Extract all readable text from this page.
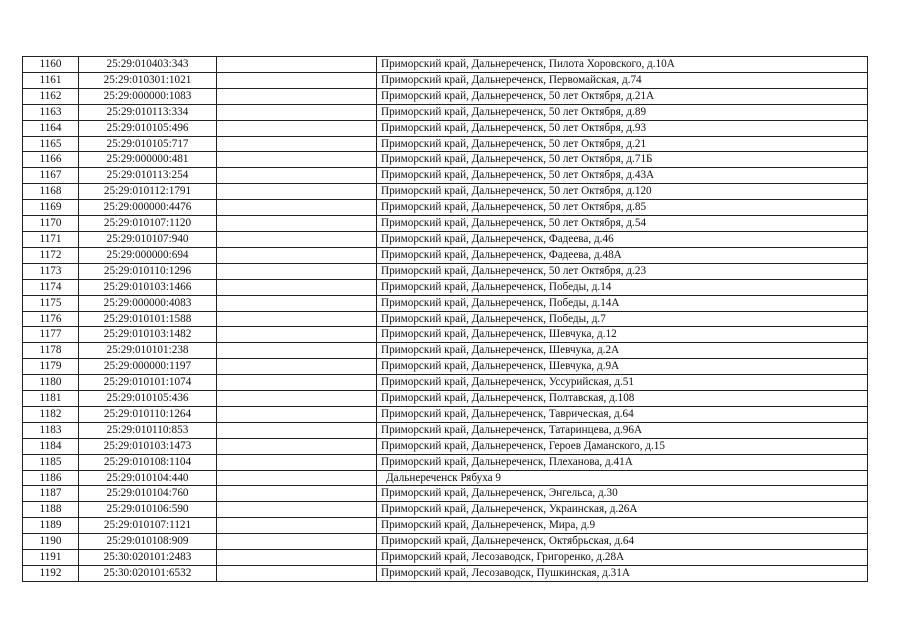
1160	25:29:010403:343		Приморский край, Дальнереченск, Пилота Хоровского, д.10А
1161	25:29:010301:1021		Приморский край, Дальнереченск, Первомайская, д.74
1162	25:29:000000:1083		Приморский край, Дальнереченск, 50 лет Октября, д.21А
1163	25:29:010113:334		Приморский край, Дальнереченск, 50 лет Октября, д.89
1164	25:29:010105:496		Приморский край, Дальнереченск, 50 лет Октября, д.93
1165	25:29:010105:717		Приморский край, Дальнереченск, 50 лет Октября, д.21
1166	25:29:000000:481		Приморский край, Дальнереченск, 50 лет Октября, д.71Б
1167	25:29:010113:254		Приморский край, Дальнереченск, 50 лет Октября, д.43А
1168	25:29:010112:1791		Приморский край, Дальнереченск, 50 лет Октября, д.120
1169	25:29:000000:4476		Приморский край, Дальнереченск, 50 лет Октября, д.85
1170	25:29:010107:1120		Приморский край, Дальнереченск, 50 лет Октября, д.54
1171	25:29:010107:940		Приморский край, Дальнереченск, Фадеева, д.46
1172	25:29:000000:694		Приморский край, Дальнереченск, Фадеева, д.48А
1173	25:29:010110:1296		Приморский край, Дальнереченск, 50 лет Октября, д.23
1174	25:29:010103:1466		Приморский край, Дальнереченск, Победы, д.14
1175	25:29:000000:4083		Приморский край, Дальнереченск, Победы, д.14А
1176	25:29:010101:1588		Приморский край, Дальнереченск, Победы, д.7
1177	25:29:010103:1482		Приморский край, Дальнереченск, Шевчука, д.12
1178	25:29:010101:238		Приморский край, Дальнереченск, Шевчука, д.2А
1179	25:29:000000:1197		Приморский край, Дальнереченск, Шевчука, д.9А
1180	25:29:010101:1074		Приморский край, Дальнереченск, Уссурийская, д.51
1181	25:29:010105:436		Приморский край, Дальнереченск, Полтавская, д.108
1182	25:29:010110:1264		Приморский край, Дальнереченск, Таврическая, д.64
1183	25:29:010110:853		Приморский край, Дальнереченск, Татаринцева, д.96А
1184	25:29:010103:1473		Приморский край, Дальнереченск, Героев Даманского, д.15
1185	25:29:010108:1104		Приморский край, Дальнереченск, Плеханова, д.41А
1186	25:29:010104:440		Дальнереченск Рябуха 9
1187	25:29:010104:760		Приморский край, Дальнереченск, Энгельса, д.30
1188	25:29:010106:590		Приморский край, Дальнереченск, Украинская, д.26А
1189	25:29:010107:1121		Приморский край, Дальнереченск, Мира, д.9
1190	25:29:010108:909		Приморский край, Дальнереченск, Октябрьская, д.64
1191	25:30:020101:2483		Приморский край, Лесозаводск, Григоренко, д.28А
1192	25:30:020101:6532		Приморский край, Лесозаводск, Пушкинская, д.31А
